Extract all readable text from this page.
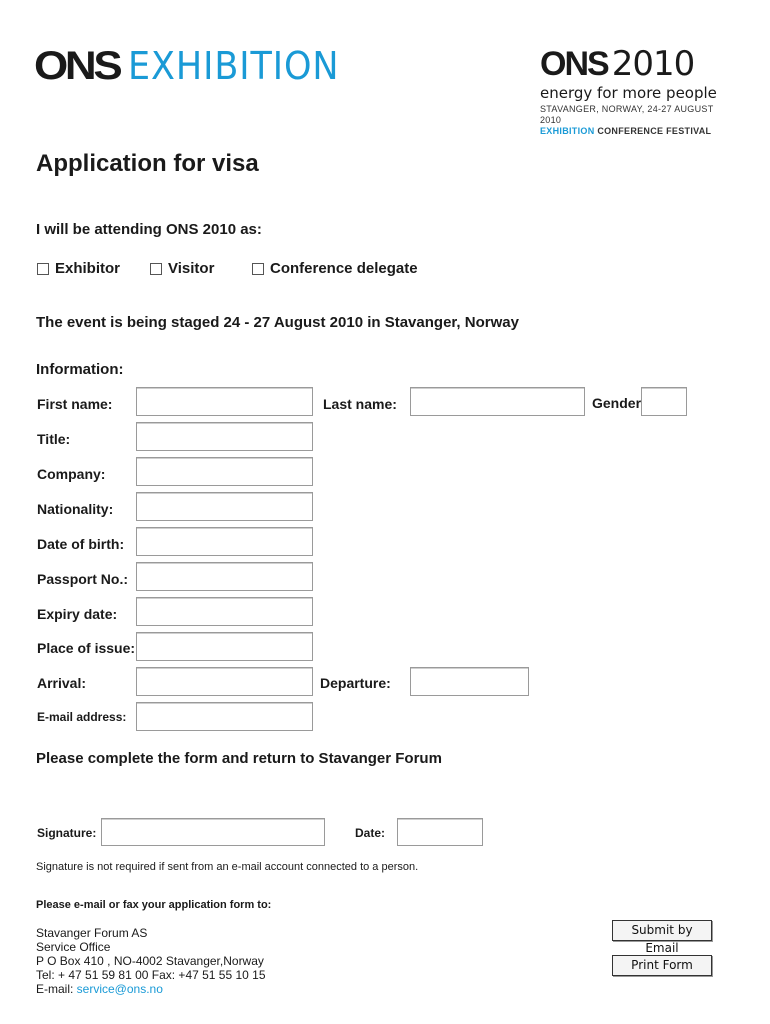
ONS EXHIBITION	ONS 2010
energy for more people
STAVANGER, NORWAY, 24-27 AUGUST 2010
EXHIBITION CONFERENCE FESTIVAL
Application for visa
I will be attending ONS 2010 as:
Exhibitor	Visitor	Conference delegate
The event is being staged 24 - 27 August 2010 in Stavanger, Norway
Information:
First name:	Last name:	Gender
Title:
Company:
Nationality:
Date of birth:
Passport No.:
Expiry date:
Place of issue:
Arrival:	Departure:
E-mail address:
Please complete the form and return to Stavanger Forum
Signature:	Date:
Signature is not required if sent from an e-mail account connected to a person.
Please e-mail or fax your application form to:
Stavanger Forum AS
Service Office
P O Box 410 , NO-4002 Stavanger,Norway
Tel: + 47 51 59 81 00 Fax: +47 51 55 10 15
E-mail: service@ons.no
Submit by Email
Print Form
